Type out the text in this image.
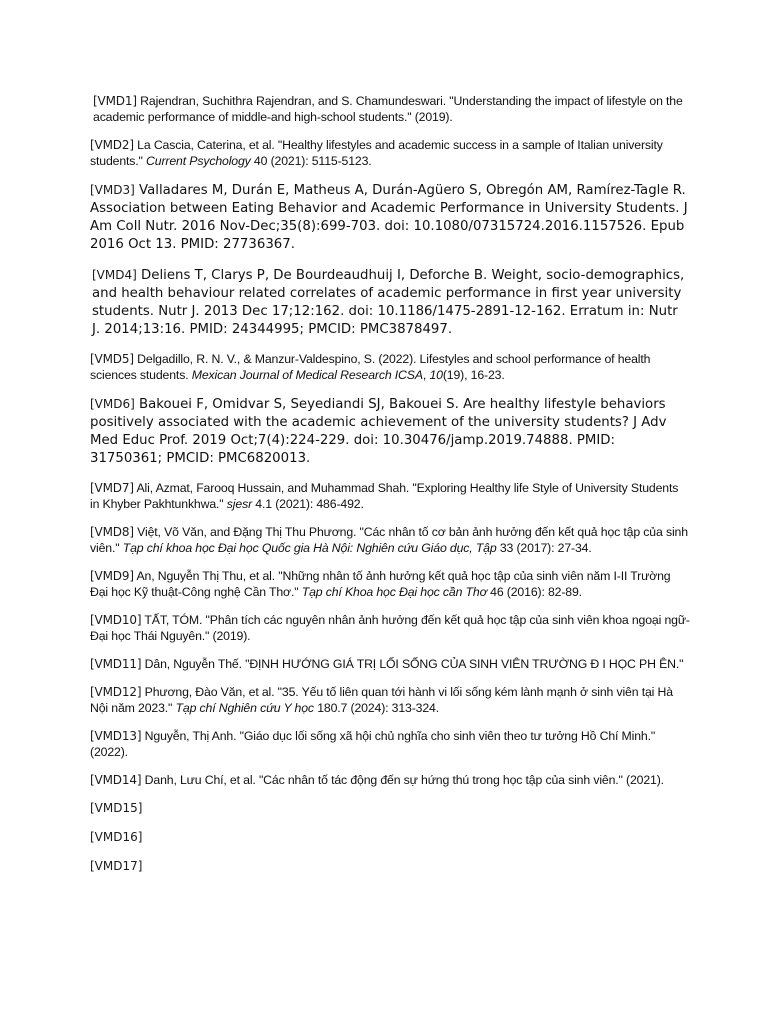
[VMD1] Rajendran, Suchithra Rajendran, and S. Chamundeswari. "Understanding the impact of lifestyle on the academic performance of middle-and high-school students." (2019).

[VMD2] La Cascia, Caterina, et al. "Healthy lifestyles and academic success in a sample of Italian university students." Current Psychology 40 (2021): 5115-5123.

[VMD3] Valladares M, Durán E, Matheus A, Durán-Agüero S, Obregón AM, Ramírez-Tagle R. Association between Eating Behavior and Academic Performance in University Students. J Am Coll Nutr. 2016 Nov-Dec;35(8):699-703. doi: 10.1080/07315724.2016.1157526. Epub 2016 Oct 13. PMID: 27736367.

[VMD4] Deliens T, Clarys P, De Bourdeaudhuij I, Deforche B. Weight, socio-demographics, and health behaviour related correlates of academic performance in first year university students. Nutr J. 2013 Dec 17;12:162. doi: 10.1186/1475-2891-12-162. Erratum in: Nutr J. 2014;13:16. PMID: 24344995; PMCID: PMC3878497.

[VMD5] Delgadillo, R. N. V., & Manzur-Valdespino, S. (2022). Lifestyles and school performance of health sciences students. Mexican Journal of Medical Research ICSA, 10(19), 16-23.

[VMD6] Bakouei F, Omidvar S, Seyediandi SJ, Bakouei S. Are healthy lifestyle behaviors positively associated with the academic achievement of the university students? J Adv Med Educ Prof. 2019 Oct;7(4):224-229. doi: 10.30476/jamp.2019.74888. PMID: 31750361; PMCID: PMC6820013.

[VMD7] Ali, Azmat, Farooq Hussain, and Muhammad Shah. "Exploring Healthy life Style of University Students in Khyber Pakhtunkhwa." sjesr 4.1 (2021): 486-492.

[VMD8] Việt, Võ Văn, and Đặng Thị Thu Phương. "Các nhân tố cơ bản ảnh hưởng đến kết quả học tập của sinh viên." Tạp chí khoa học Đại học Quốc gia Hà Nội: Nghiên cứu Giáo dục, Tập 33 (2017): 27-34.

[VMD9] An, Nguyễn Thị Thu, et al. "Những nhân tố ảnh hưởng kết quả học tập của sinh viên năm I-II Trường Đại học Kỹ thuật-Công nghệ Cần Thơ." Tạp chí Khoa học Đại học cần Thơ 46 (2016): 82-89.

[VMD10] TẤT, TÓM. "Phân tích các nguyên nhân ảnh hưởng đến kết quả học tập của sinh viên khoa ngoại ngữ-Đại học Thái Nguyên." (2019).

[VMD11] Dân, Nguyễn Thế. "ĐỊNH HƯỚNG GIÁ TRỊ LỐI SỐNG CỦA SINH VIÊN TRƯỜNG Đ I HỌC PH ÊN."

[VMD12] Phương, Đào Văn, et al. "35. Yếu tố liên quan tới hành vi lối sống kém lành mạnh ở sinh viên tại Hà Nội năm 2023." Tạp chí Nghiên cứu Y học 180.7 (2024): 313-324.

[VMD13] Nguyễn, Thị Anh. "Giáo dục lối sống xã hội chủ nghĩa cho sinh viên theo tư tưởng Hồ Chí Minh." (2022).

[VMD14] Danh, Lưu Chí, et al. "Các nhân tố tác động đến sự hứng thú trong học tập của sinh viên." (2021).

[VMD15]

[VMD16]

[VMD17]
